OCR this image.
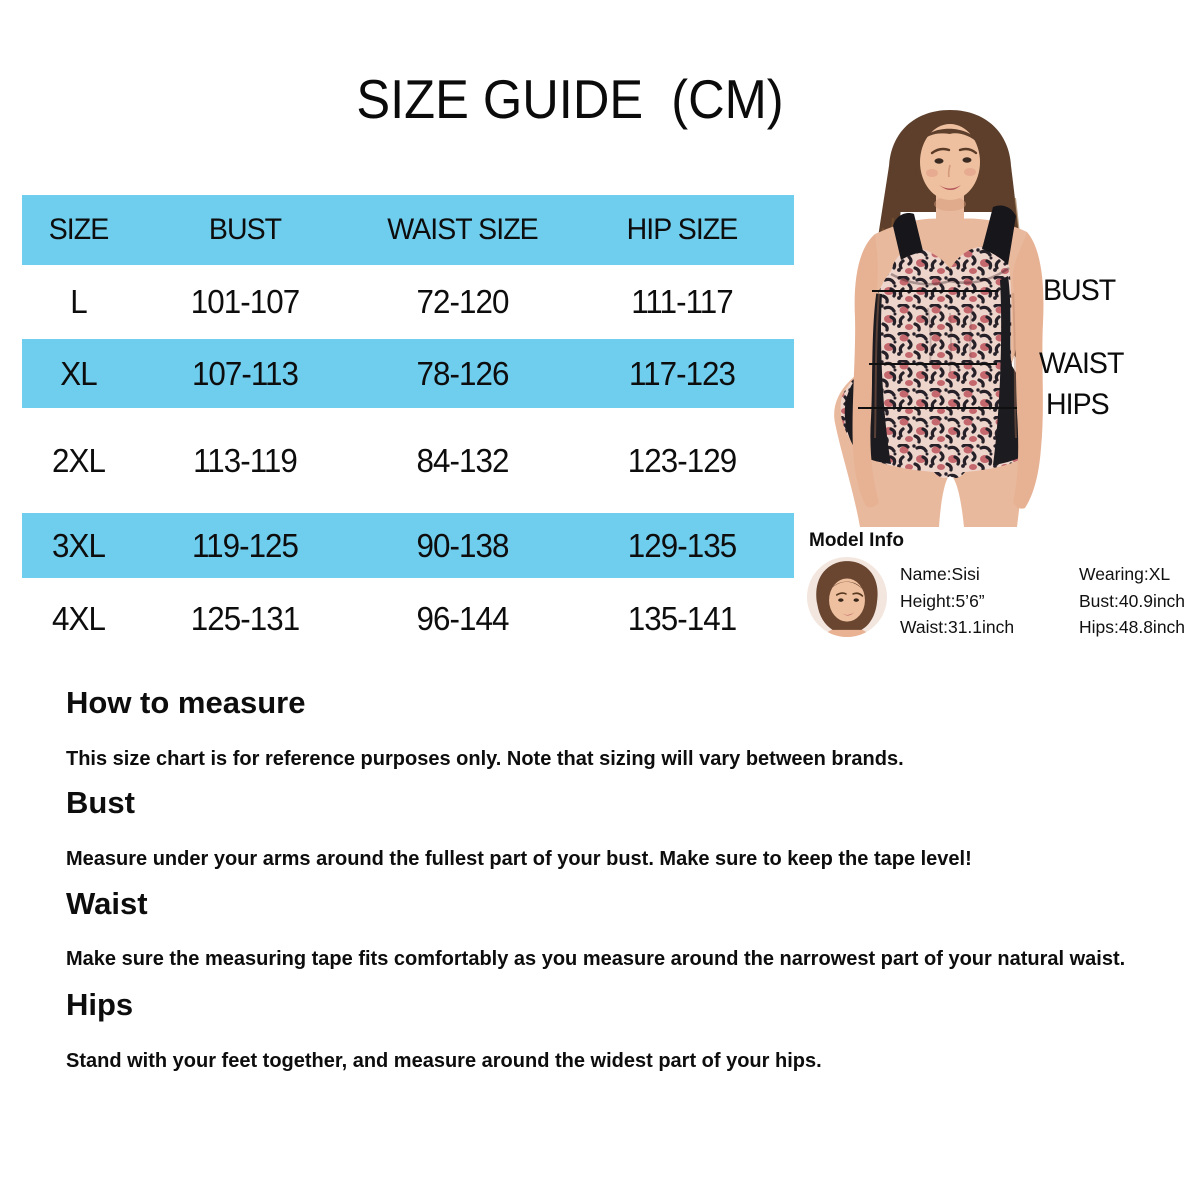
SIZE GUIDE  (CM)
SIZE	BUST	WAIST SIZE	HIP SIZE
L	101-107	72-120	111-117
XL	107-113	78-126	117-123
2XL	113-119	84-132	123-129
3XL	119-125	90-138	129-135
4XL	125-131	96-144	135-141
BUST
WAIST
HIPS
Model Info
Name:Sisi
Height:5’6”
Waist:31.1inch
Wearing:XL
Bust:40.9inch
Hips:48.8inch
How to measure
This size chart is for reference purposes only. Note that sizing will vary between brands.
Bust
Measure under your arms around the fullest part of your bust. Make sure to keep the tape level!
Waist
Make sure the measuring tape fits comfortably as you measure around the narrowest part of your natural waist.
Hips
Stand with your feet together, and measure around the widest part of your hips.
